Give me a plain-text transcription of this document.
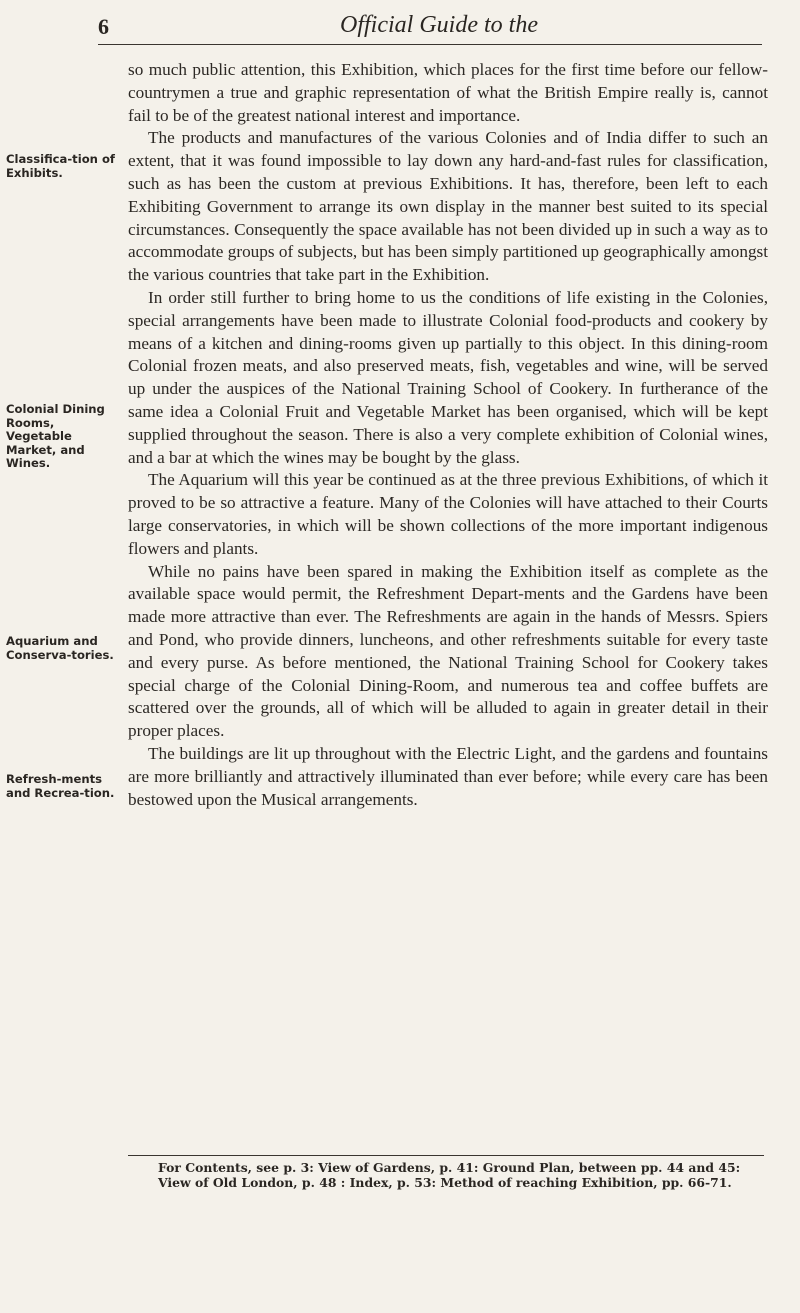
6	Official Guide to the
Classifica-tion of Exhibits.
Colonial Dining Rooms, Vegetable Market, and Wines.
Aquarium and Conserva-tories.
Refresh-ments and Recrea-tion.

so much public attention, this Exhibition, which places for the first time before our fellow-countrymen a true and graphic representation of what the British Empire really is, cannot fail to be of the greatest national interest and importance.

The products and manufactures of the various Colonies and of India differ to such an extent, that it was found impossible to lay down any hard-and-fast rules for classification, such as has been the custom at previous Exhibitions. It has, therefore, been left to each Exhibiting Government to arrange its own display in the manner best suited to its special circumstances. Consequently the space available has not been divided up in such a way as to accommodate groups of subjects, but has been simply partitioned up geographically amongst the various countries that take part in the Exhibition.

In order still further to bring home to us the conditions of life existing in the Colonies, special arrangements have been made to illustrate Colonial food-products and cookery by means of a kitchen and dining-rooms given up partially to this object. In this dining-room Colonial frozen meats, and also preserved meats, fish, vegetables and wine, will be served up under the auspices of the National Training School of Cookery. In furtherance of the same idea a Colonial Fruit and Vegetable Market has been organised, which will be kept supplied throughout the season. There is also a very complete exhibition of Colonial wines, and a bar at which the wines may be bought by the glass.

The Aquarium will this year be continued as at the three previous Exhibitions, of which it proved to be so attractive a feature. Many of the Colonies will have attached to their Courts large conservatories, in which will be shown collections of the more important indigenous flowers and plants.

While no pains have been spared in making the Exhibition itself as complete as the available space would permit, the Refreshment Depart-ments and the Gardens have been made more attractive than ever. The Refreshments are again in the hands of Messrs. Spiers and Pond, who provide dinners, luncheons, and other refreshments suitable for every taste and every purse. As before mentioned, the National Training School for Cookery takes special charge of the Colonial Dining-Room, and numerous tea and coffee buffets are scattered over the grounds, all of which will be alluded to again in greater detail in their proper places.

The buildings are lit up throughout with the Electric Light, and the gardens and fountains are more brilliantly and attractively illuminated than ever before; while every care has been bestowed upon the Musical arrangements.

For Contents, see p. 3: View of Gardens, p. 41: Ground Plan, between pp. 44 and 45:
View of Old London, p. 48 : Index, p. 53: Method of reaching Exhibition, pp. 66-71.
